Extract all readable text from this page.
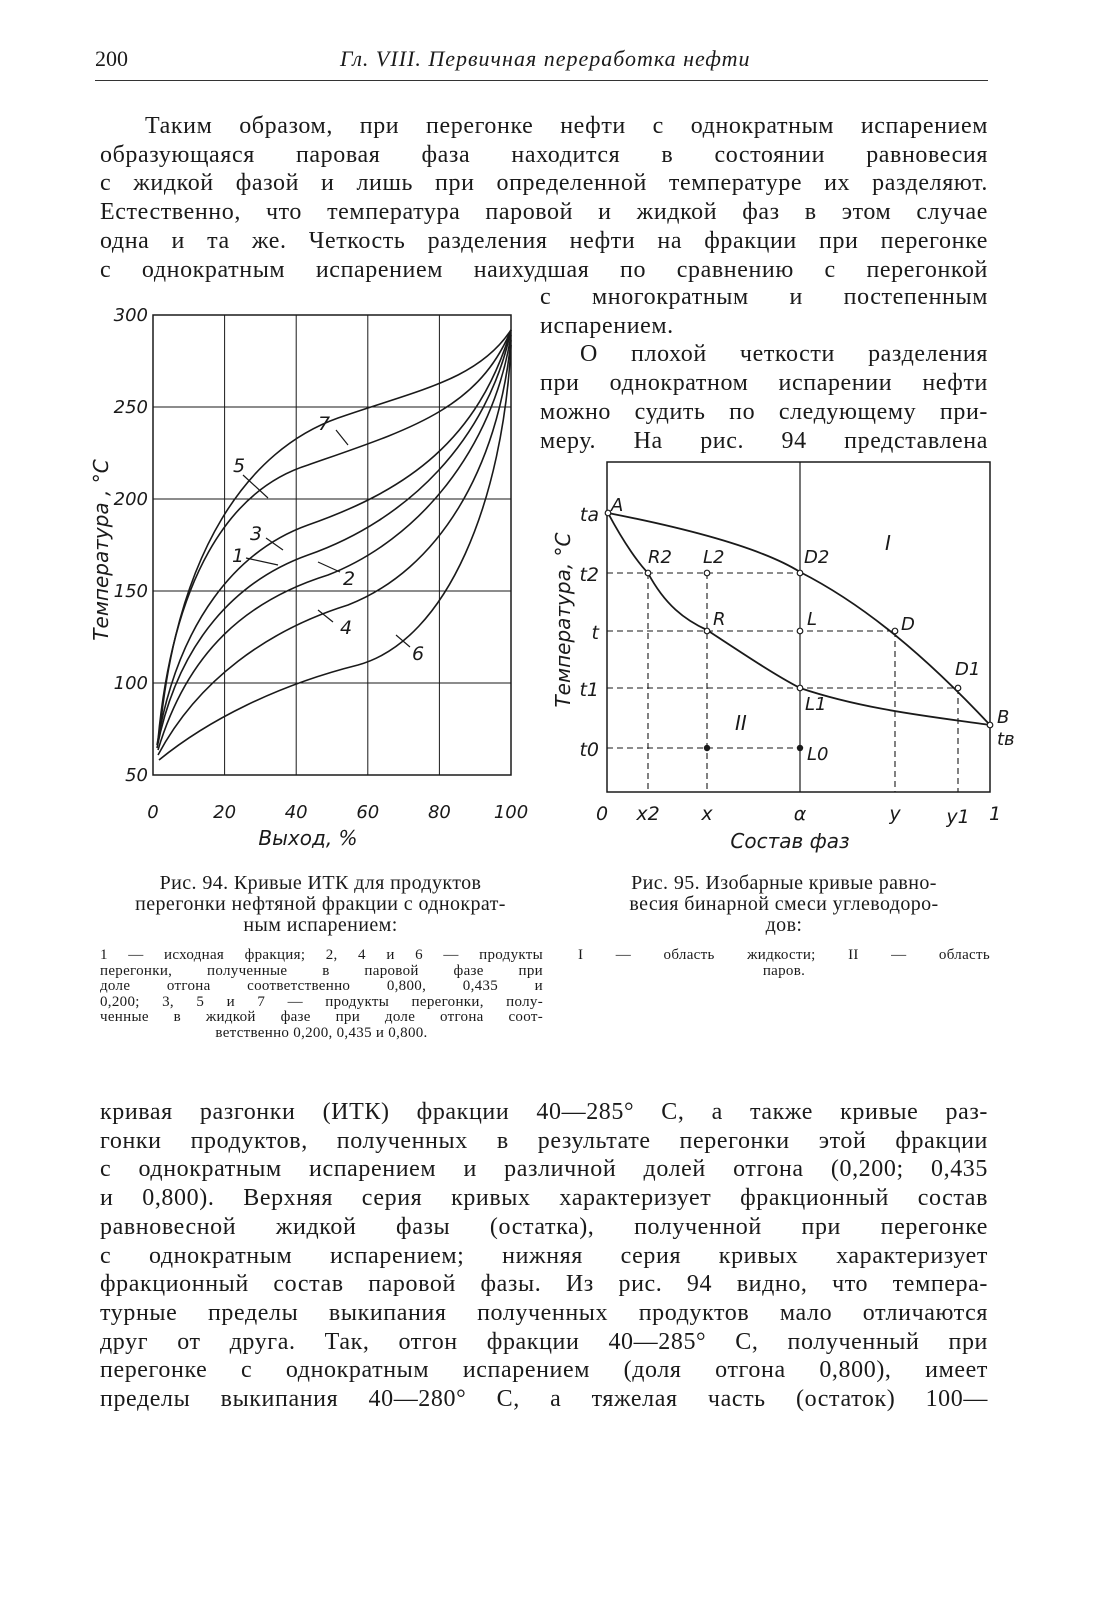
200	Гл. VIII. Первичная переработка нефти
Таким образом, при перегонке нефти с однократным испарением
образующаяся паровая фаза находится в состоянии равновесия
с жидкой фазой и лишь при определенной температуре их разделяют.
Естественно, что температура паровой и жидкой фаз в этом случае
одна и та же. Четкость разделения нефти на фракции при перегонке
с однократным испарением наихудшая по сравнению с перегонкой
с многократным и постепенным
испарением.
О плохой четкости разделения
при однократном испарении нефти
можно судить по следующему при-
меру. На рис. 94 представлена
7
5
3
1
2
4
6
300
250
200
150
100
50
0	20	40	60	80 100
Выход, %
Температура , °C	A
R2 L2	D2
R	L	D
D1
L1
L0
B
tв
I
II
ta
t2
t
t1
t0
0 x2 x	α	y y1 1
Состав фаз
Температура, °C
Рис. 94. Кривые ИТК для продуктов
перегонки нефтяной фракции с однократ-
ным испарением:
1 — исходная фракция; 2, 4 и 6 — продукты
перегонки, полученные в паровой фазе при
доле отгона соответственно 0,800, 0,435 и
0,200; 3, 5 и 7 — продукты перегонки, полу-
ченные в жидкой фазе при доле отгона соот-
ветственно 0,200, 0,435 и 0,800.
Рис. 95. Изобарные кривые равно-
весия бинарной смеси углеводоро-
дов:
I — область жидкости; II — область
паров.
кривая разгонки (ИТК) фракции 40—285° С, а также кривые раз-
гонки продуктов, полученных в результате перегонки этой фракции
с однократным испарением и различной долей отгона (0,200; 0,435
и 0,800). Верхняя серия кривых характеризует фракционный состав
равновесной жидкой фазы (остатка), полученной при перегонке
с однократным испарением; нижняя серия кривых характеризует
фракционный состав паровой фазы. Из рис. 94 видно, что темпера-
турные пределы выкипания полученных продуктов мало отличаются
друг от друга. Так, отгон фракции 40—285° С, полученный при
перегонке с однократным испарением (доля отгона 0,800), имеет
пределы выкипания 40—280° С, а тяжелая часть (остаток) 100—
